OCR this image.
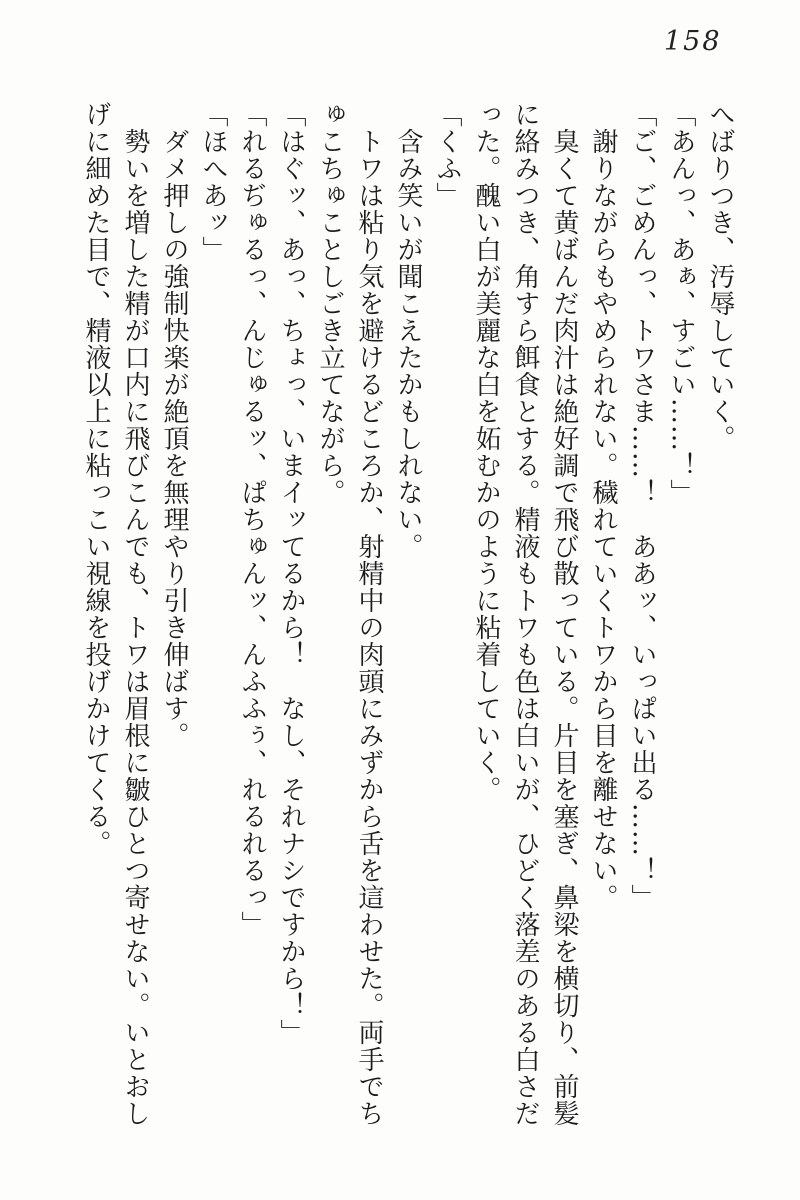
158
へばりつき、汚辱していく。
「あんっ、あぁ、すごい……！」
「ご、ごめんっ、トワさま……！　ああッ、いっぱい出る……！」
謝りながらもやめられない。穢れていくトワから目を離せない。
臭くて黄ばんだ肉汁は絶好調で飛び散っている。片目を塞ぎ、鼻梁を横切り、前髪
に絡みつき、角すら餌食とする。精液もトワも色は白いが、ひどく落差のある白さだ
った。醜い白が美麗な白を妬むかのように粘着していく。
「くふ」
含み笑いが聞こえたかもしれない。
トワは粘り気を避けるどころか、射精中の肉頭にみずから舌を這わせた。両手でち
ゅこちゅことしごき立てながら。
「はぐッ、あっ、ちょっ、いまイッてるから！　なし、それナシですから！」
「れるぢゅるっ、んじゅるッ、ぱちゅんッ、んふふぅ、れるれるっ」
「ほへあッ」
ダメ押しの強制快楽が絶頂を無理やり引き伸ばす。
勢いを増した精が口内に飛びこんでも、トワは眉根に皺ひとつ寄せない。いとおし
げに細めた目で、精液以上に粘っこい視線を投げかけてくる。
